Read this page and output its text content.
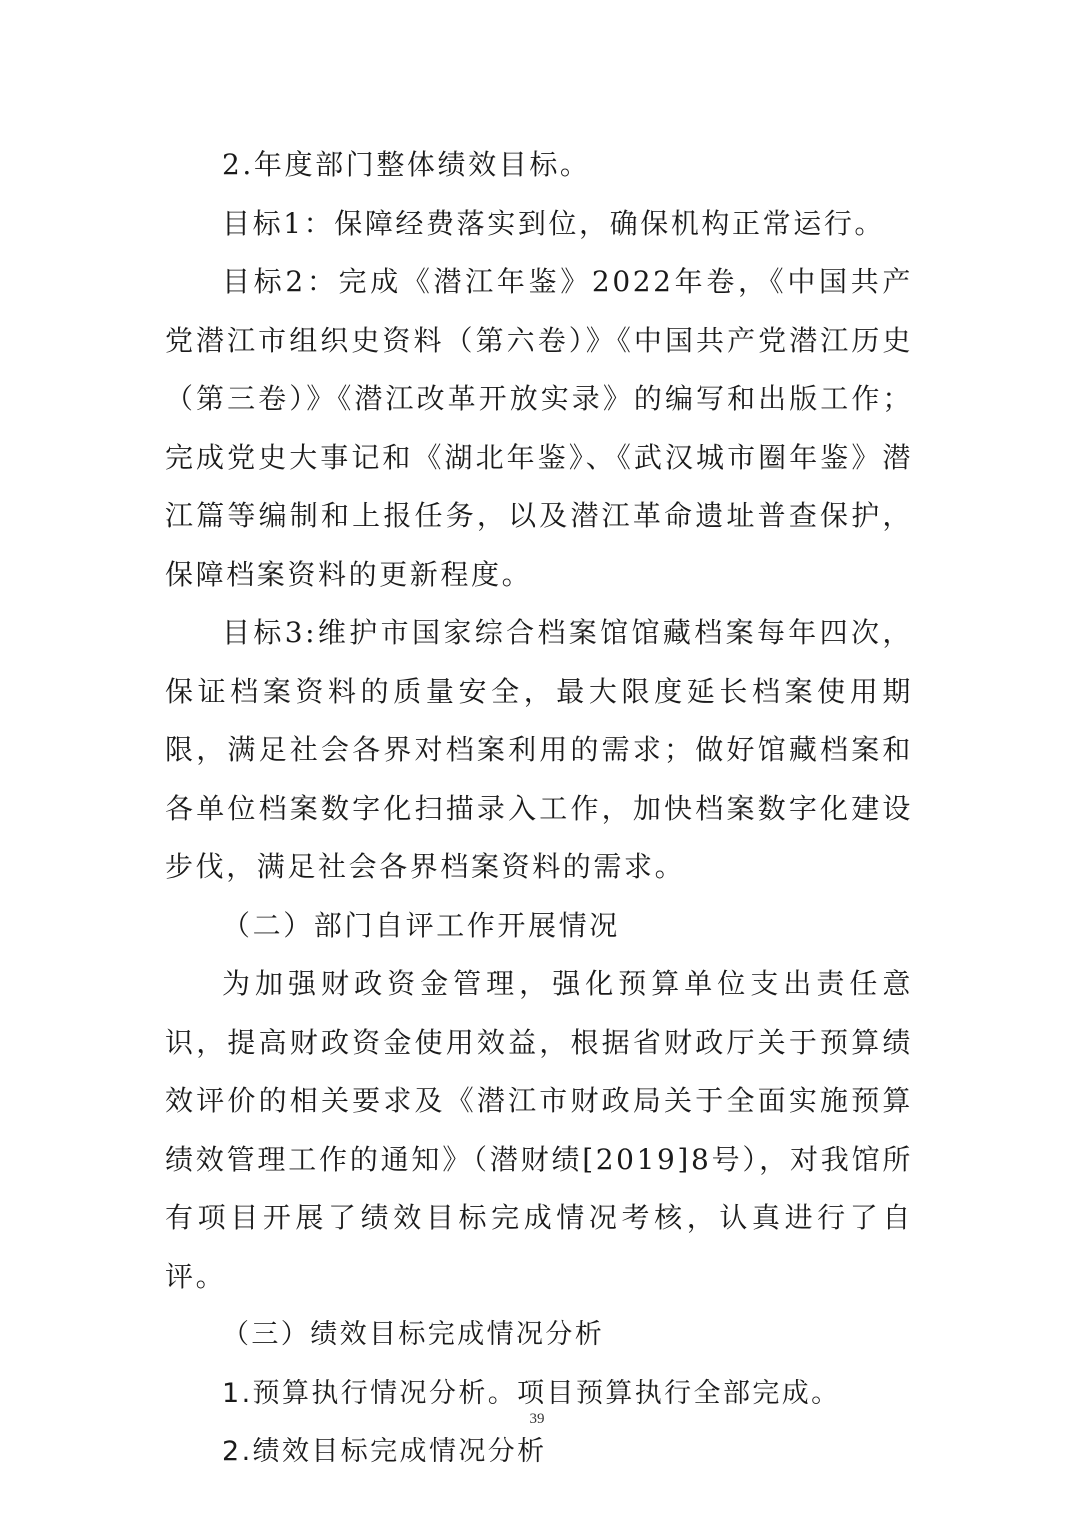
2.年度部门整体绩效目标。

目标1：保障经费落实到位，确保机构正常运行。

目标2：完成《潜江年鉴》2022年卷，《中国共产党潜江市组织史资料（第六卷）》《中国共产党潜江历史（第三卷）》《潜江改革开放实录》的编写和出版工作；完成党史大事记和《湖北年鉴》、《武汉城市圈年鉴》潜江篇等编制和上报任务，以及潜江革命遗址普查保护，保障档案资料的更新程度。

目标3:维护市国家综合档案馆馆藏档案每年四次，保证档案资料的质量安全，最大限度延长档案使用期限，满足社会各界对档案利用的需求；做好馆藏档案和各单位档案数字化扫描录入工作，加快档案数字化建设步伐，满足社会各界档案资料的需求。

（二）部门自评工作开展情况

为加强财政资金管理，强化预算单位支出责任意识，提高财政资金使用效益，根据省财政厅关于预算绩效评价的相关要求及《潜江市财政局关于全面实施预算绩效管理工作的通知》（潜财绩[2019]8号），对我馆所有项目开展了绩效目标完成情况考核，认真进行了自评。

（三）绩效目标完成情况分析

1.预算执行情况分析。项目预算执行全部完成。

2.绩效目标完成情况分析

39
